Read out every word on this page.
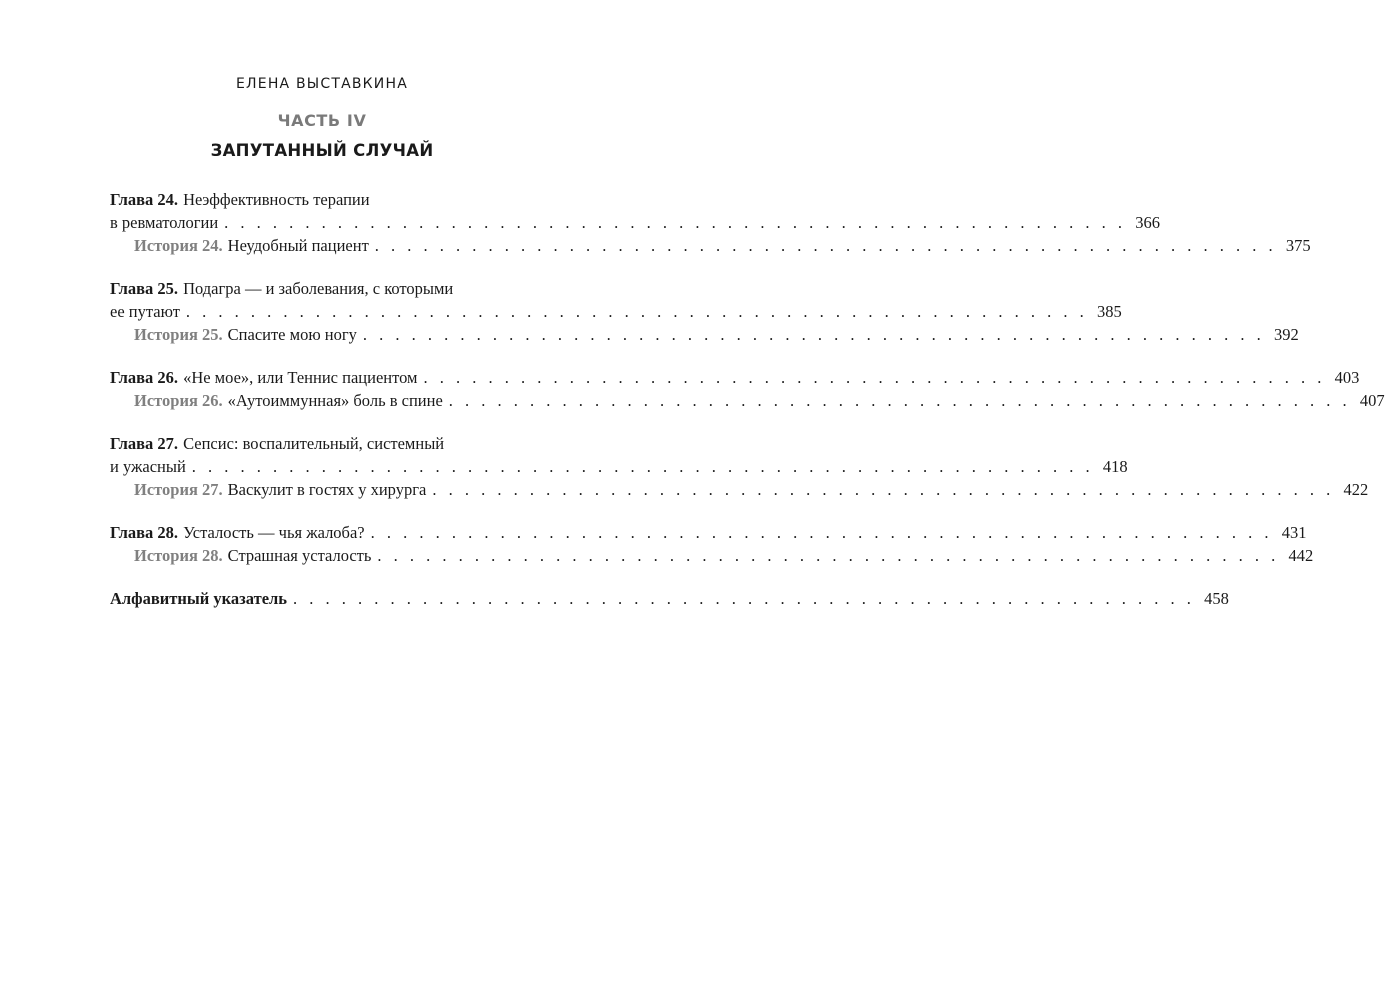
ЕЛЕНА ВЫСТАВКИНА
ЧАСТЬ IV
ЗАПУТАННЫЙ СЛУЧАЙ
Глава 24. Неэффективность терапии
в ревматологии . . . . . . . . . . . . . . . . . . . . . . . . . . . . . . . . . . . . . . . . . . . . . . . . . . . . . . . . 366
История 24. Неудобный пациент . . . . . . . . . . . . . . . . . . . . . . . . . . . . . . . . . . . . . . . . . . . . . . . . . . . . . . . . 375
Глава 25. Подагра — и заболевания, с которыми
ее путают . . . . . . . . . . . . . . . . . . . . . . . . . . . . . . . . . . . . . . . . . . . . . . . . . . . . . . . . 385
История 25. Спасите мою ногу . . . . . . . . . . . . . . . . . . . . . . . . . . . . . . . . . . . . . . . . . . . . . . . . . . . . . . . . 392
Глава 26. «Не мое», или Теннис пациентом . . . . . . . . . . . . . . . . . . . . . . . . . . . . . . . . . . . . . . . . . . . . . . . . . . . . . . . . 403
История 26. «Аутоиммунная» боль в спине . . . . . . . . . . . . . . . . . . . . . . . . . . . . . . . . . . . . . . . . . . . . . . . . . . . . . . . . 407
Глава 27. Сепсис: воспалительный, системный
и ужасный . . . . . . . . . . . . . . . . . . . . . . . . . . . . . . . . . . . . . . . . . . . . . . . . . . . . . . . . 418
История 27. Васкулит в гостях у хирурга . . . . . . . . . . . . . . . . . . . . . . . . . . . . . . . . . . . . . . . . . . . . . . . . . . . . . . . . 422
Глава 28. Усталость — чья жалоба? . . . . . . . . . . . . . . . . . . . . . . . . . . . . . . . . . . . . . . . . . . . . . . . . . . . . . . . . 431
История 28. Страшная усталость . . . . . . . . . . . . . . . . . . . . . . . . . . . . . . . . . . . . . . . . . . . . . . . . . . . . . . . . 442
Алфавитный указатель . . . . . . . . . . . . . . . . . . . . . . . . . . . . . . . . . . . . . . . . . . . . . . . . . . . . . . . . 458
